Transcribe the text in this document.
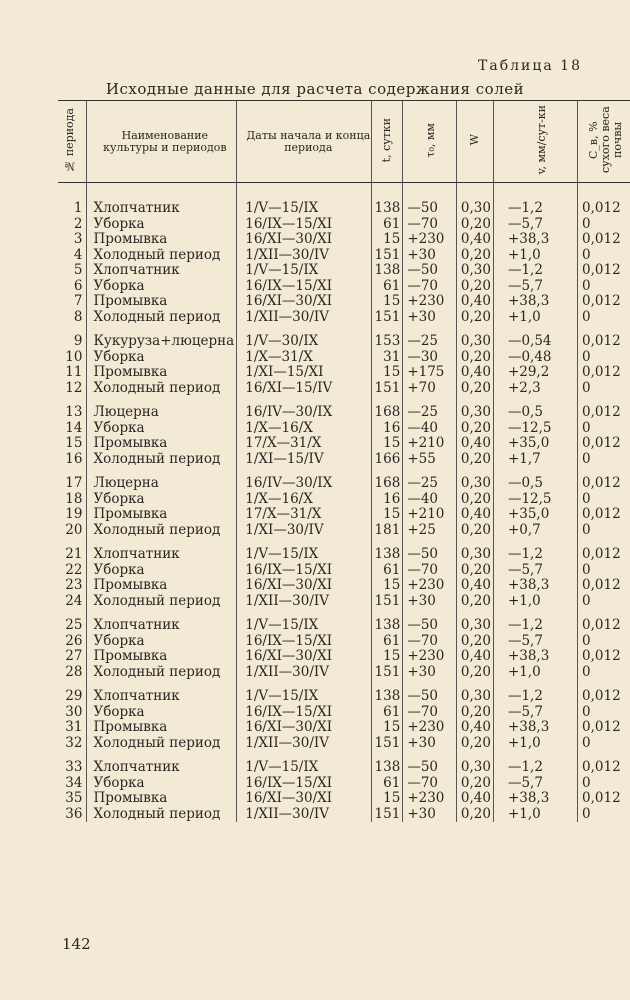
Таблица 18
Исходные данные для расчета содержания солей
№ периода	Наименование культуры и периодов	Даты начала и конца периода	t, сутки	τ₀, мм	W	v, мм/сут-ки	C_в, % сухого веса почвы

1	Хлопчатник	1/V—15/IX	138	—50	0,30	—1,2	0,012
2	Уборка	16/IX—15/XI	61	—70	0,20	—5,7	0
3	Промывка	16/XI—30/XI	15	+230	0,40	+38,3	0,012
4	Холодный период	1/XII—30/IV	151	+30	0,20	+1,0	0
5	Хлопчатник	1/V—15/IX	138	—50	0,30	—1,2	0,012
6	Уборка	16/IX—15/XI	61	—70	0,20	—5,7	0
7	Промывка	16/XI—30/XI	15	+230	0,40	+38,3	0,012
8	Холодный период	1/XII—30/IV	151	+30	0,20	+1,0	0
9	Кукуруза+люцерна	1/V—30/IX	153	—25	0,30	—0,54	0,012
10	Уборка	1/X—31/X	31	—30	0,20	—0,48	0
11	Промывка	1/XI—15/XI	15	+175	0,40	+29,2	0,012
12	Холодный период	16/XI—15/IV	151	+70	0,20	+2,3	0
13	Люцерна	16/IV—30/IX	168	—25	0,30	—0,5	0,012
14	Уборка	1/X—16/X	16	—40	0,20	—12,5	0
15	Промывка	17/X—31/X	15	+210	0,40	+35,0	0,012
16	Холодный период	1/XI—15/IV	166	+55	0,20	+1,7	0
17	Люцерна	16/IV—30/IX	168	—25	0,30	—0,5	0,012
18	Уборка	1/X—16/X	16	—40	0,20	—12,5	0
19	Промывка	17/X—31/X	15	+210	0,40	+35,0	0,012
20	Холодный период	1/XI—30/IV	181	+25	0,20	+0,7	0
21	Хлопчатник	1/V—15/IX	138	—50	0,30	—1,2	0,012
22	Уборка	16/IX—15/XI	61	—70	0,20	—5,7	0
23	Промывка	16/XI—30/XI	15	+230	0,40	+38,3	0,012
24	Холодный период	1/XII—30/IV	151	+30	0,20	+1,0	0
25	Хлопчатник	1/V—15/IX	138	—50	0,30	—1,2	0,012
26	Уборка	16/IX—15/XI	61	—70	0,20	—5,7	0
27	Промывка	16/XI—30/XI	15	+230	0,40	+38,3	0,012
28	Холодный период	1/XII—30/IV	151	+30	0,20	+1,0	0
29	Хлопчатник	1/V—15/IX	138	—50	0,30	—1,2	0,012
30	Уборка	16/IX—15/XI	61	—70	0,20	—5,7	0
31	Промывка	16/XI—30/XI	15	+230	0,40	+38,3	0,012
32	Холодный период	1/XII—30/IV	151	+30	0,20	+1,0	0
33	Хлопчатник	1/V—15/IX	138	—50	0,30	—1,2	0,012
34	Уборка	16/IX—15/XI	61	—70	0,20	—5,7	0
35	Промывка	16/XI—30/XI	15	+230	0,40	+38,3	0,012
36	Холодный период	1/XII—30/IV	151	+30	0,20	+1,0	0
142
